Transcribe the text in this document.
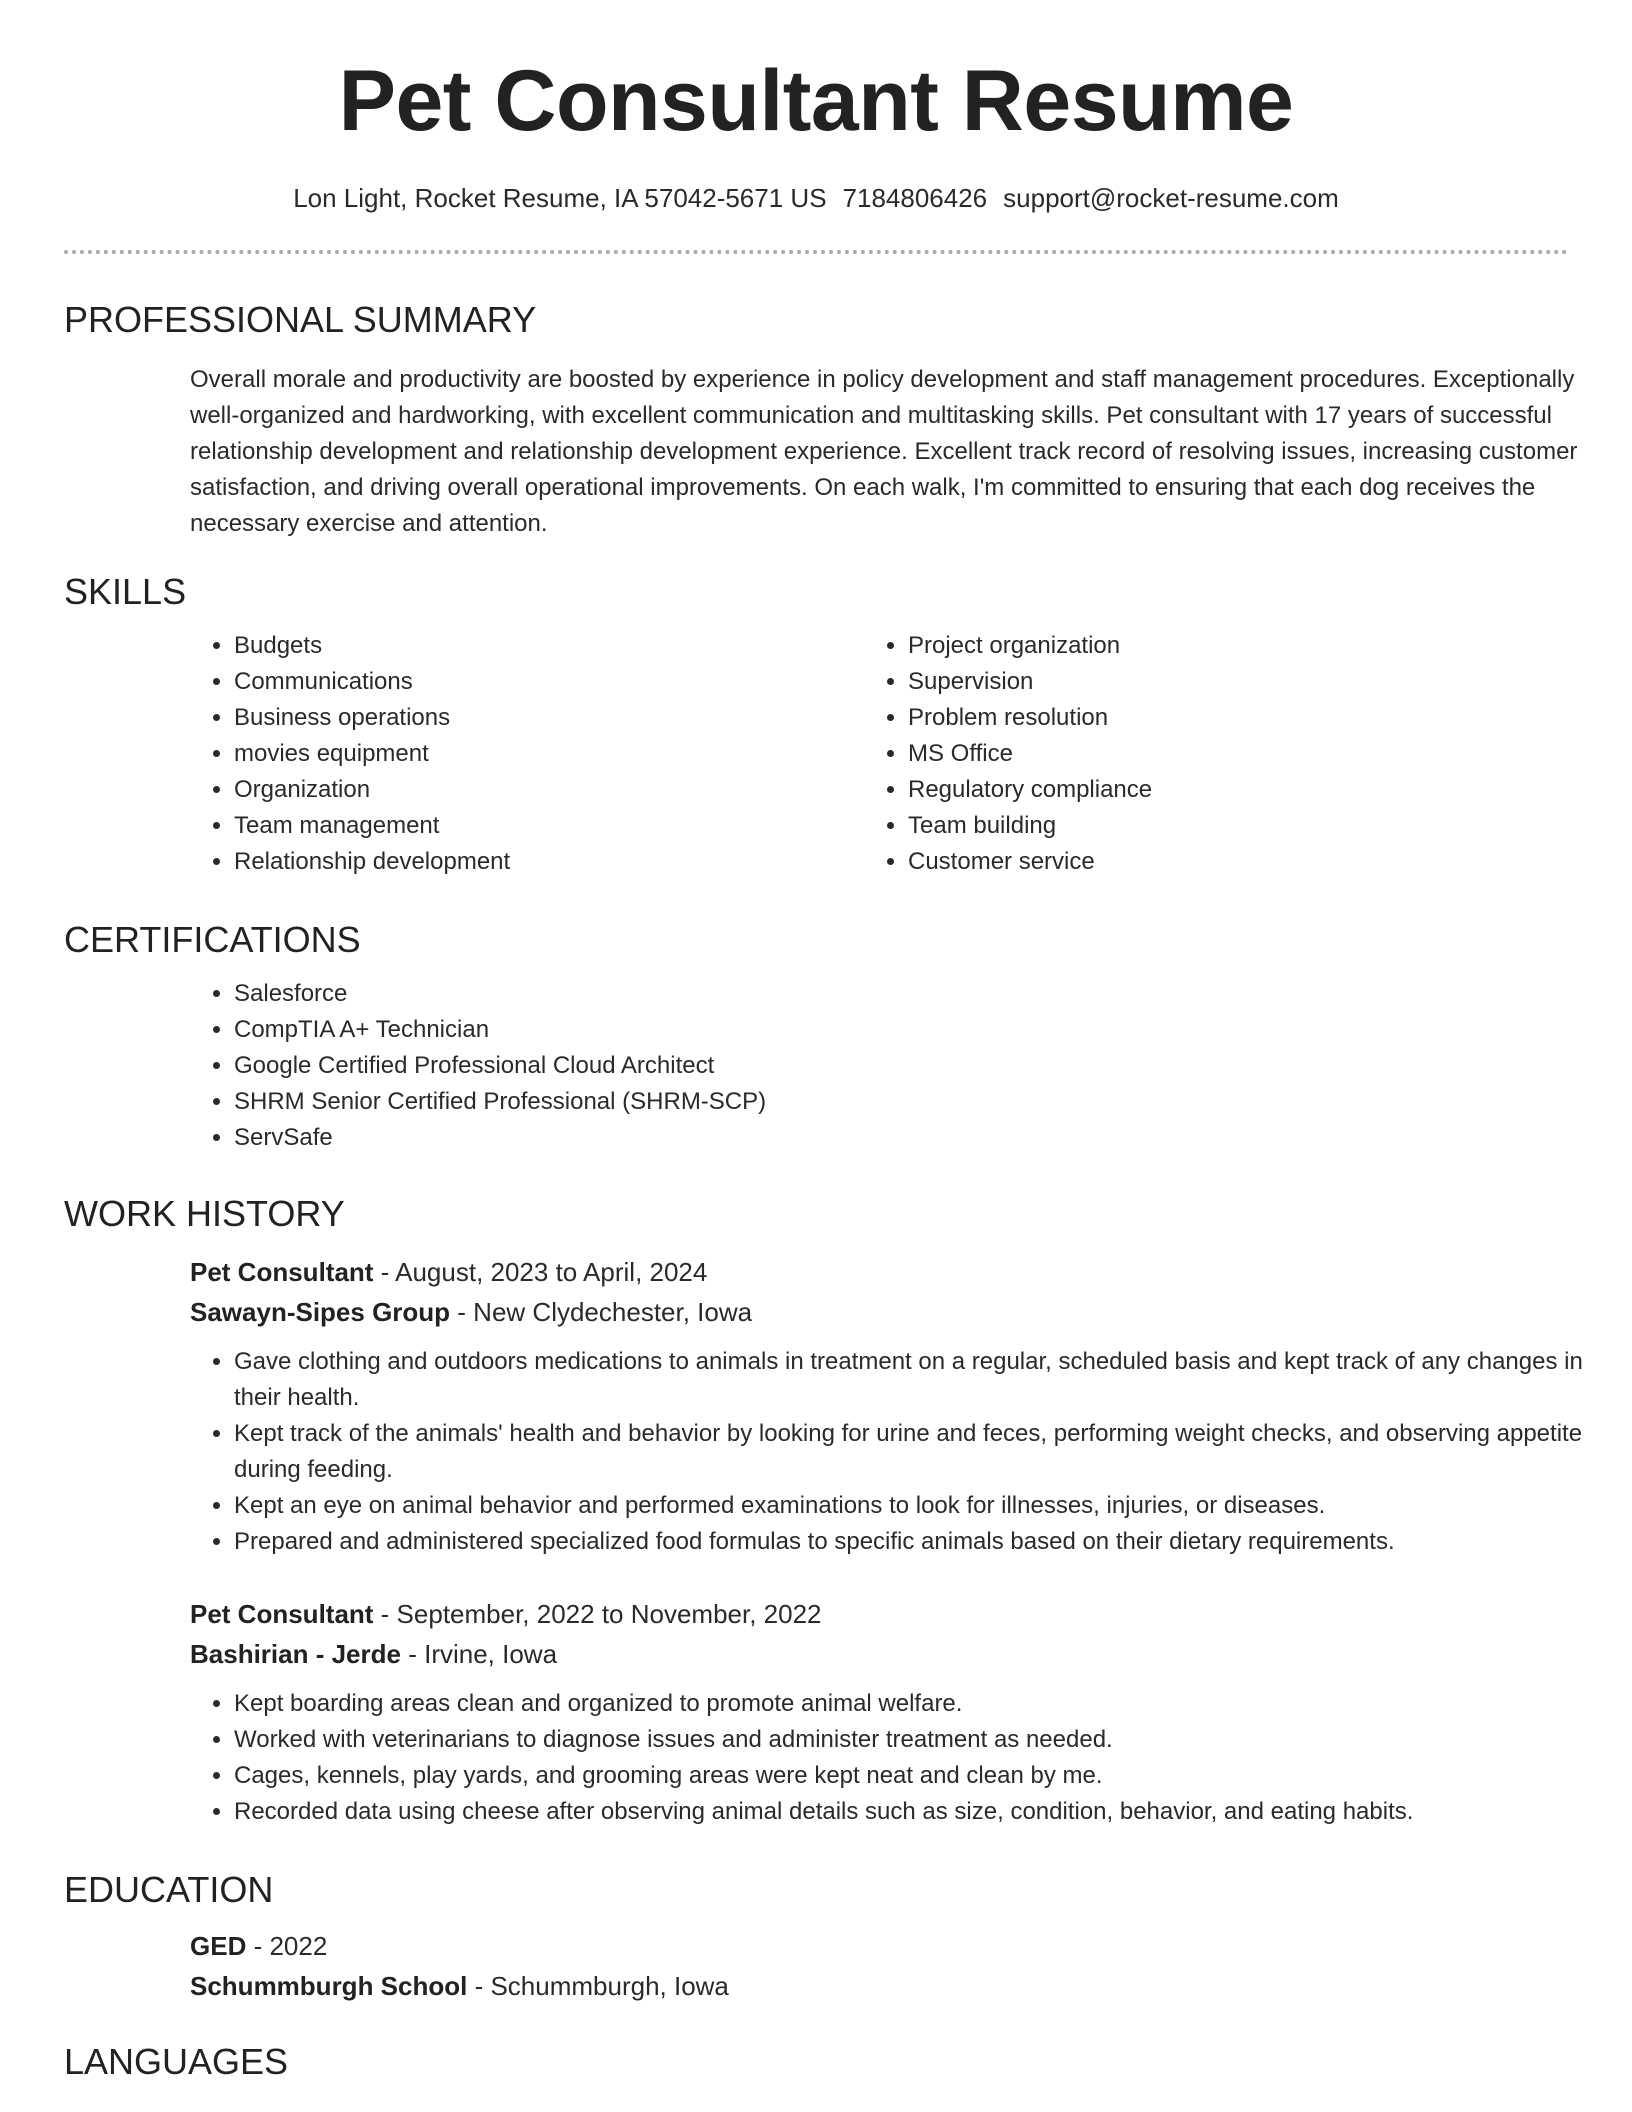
Pet Consultant Resume
Lon Light, Rocket Resume, IA 57042-5671 US 7184806426 support@rocket-resume.com
PROFESSIONAL SUMMARY

Overall morale and productivity are boosted by experience in policy development and staff management procedures. Exceptionally well-organized and hardworking, with excellent communication and multitasking skills. Pet consultant with 17 years of successful relationship development and relationship development experience. Excellent track record of resolving issues, increasing customer satisfaction, and driving overall operational improvements. On each walk, I'm committed to ensuring that each dog receives the necessary exercise and attention.

SKILLS
• Budgets
• Communications
• Business operations
• movies equipment
• Organization
• Team management
• Relationship development
• Project organization
• Supervision
• Problem resolution
• MS Office
• Regulatory compliance
• Team building
• Customer service
CERTIFICATIONS
• Salesforce
• CompTIA A+ Technician
• Google Certified Professional Cloud Architect
• SHRM Senior Certified Professional (SHRM-SCP)
• ServSafe
WORK HISTORY

Pet Consultant - August, 2023 to April, 2024

Sawayn-Sipes Group - New Clydechester, Iowa

• Gave clothing and outdoors medications to animals in treatment on a regular, scheduled basis and kept track of any changes in their health.
• Kept track of the animals' health and behavior by looking for urine and feces, performing weight checks, and observing appetite during feeding.
• Kept an eye on animal behavior and performed examinations to look for illnesses, injuries, or diseases.
• Prepared and administered specialized food formulas to specific animals based on their dietary requirements.

Pet Consultant - September, 2022 to November, 2022

Bashirian - Jerde - Irvine, Iowa

• Kept boarding areas clean and organized to promote animal welfare.
• Worked with veterinarians to diagnose issues and administer treatment as needed.
• Cages, kennels, play yards, and grooming areas were kept neat and clean by me.
• Recorded data using cheese after observing animal details such as size, condition, behavior, and eating habits.
EDUCATION

GED - 2022

Schummburgh School - Schummburgh, Iowa

LANGUAGES
